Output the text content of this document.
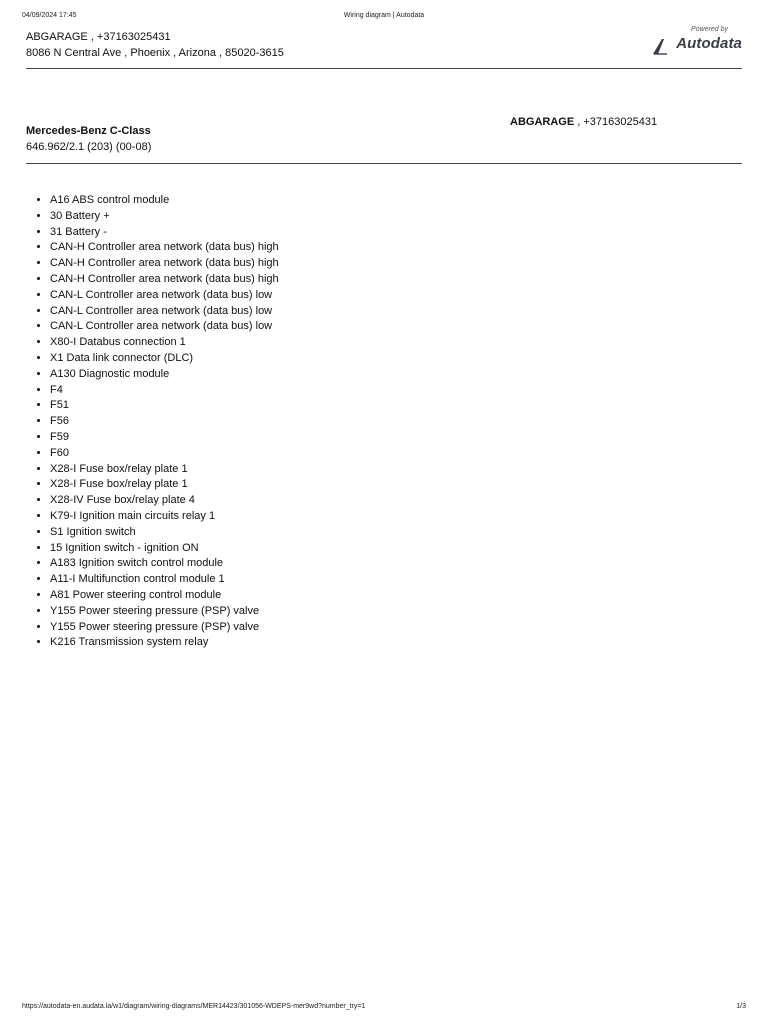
04/09/2024 17:45	Wiring diagram | Autodata
ABGARAGE , +37163025431
8086 N Central Ave , Phoenix , Arizona , 85020-3615
Powered by
Autodata
Mercedes-Benz C-Class
646.962/2.1 (203) (00-08)
ABGARAGE , +37163025431
• A16 ABS control module
• 30 Battery +
• 31 Battery -
• CAN-H Controller area network (data bus) high
• CAN-H Controller area network (data bus) high
• CAN-H Controller area network (data bus) high
• CAN-L Controller area network (data bus) low
• CAN-L Controller area network (data bus) low
• CAN-L Controller area network (data bus) low
• X80-I Databus connection 1
• X1 Data link connector (DLC)
• A130 Diagnostic module
• F4
• F51
• F56
• F59
• F60
• X28-I Fuse box/relay plate 1
• X28-I Fuse box/relay plate 1
• X28-IV Fuse box/relay plate 4
• K79-I Ignition main circuits relay 1
• S1 Ignition switch
• 15 Ignition switch - ignition ON
• A183 Ignition switch control module
• A11-I Multifunction control module 1
• A81 Power steering control module
• Y155 Power steering pressure (PSP) valve
• Y155 Power steering pressure (PSP) valve
• K216 Transmission system relay
https://autodata-en.audata.la/w1/diagram/wiring-diagrams/MER14423/301056-WDEPS-mer9wd?number_try=1	1/3
